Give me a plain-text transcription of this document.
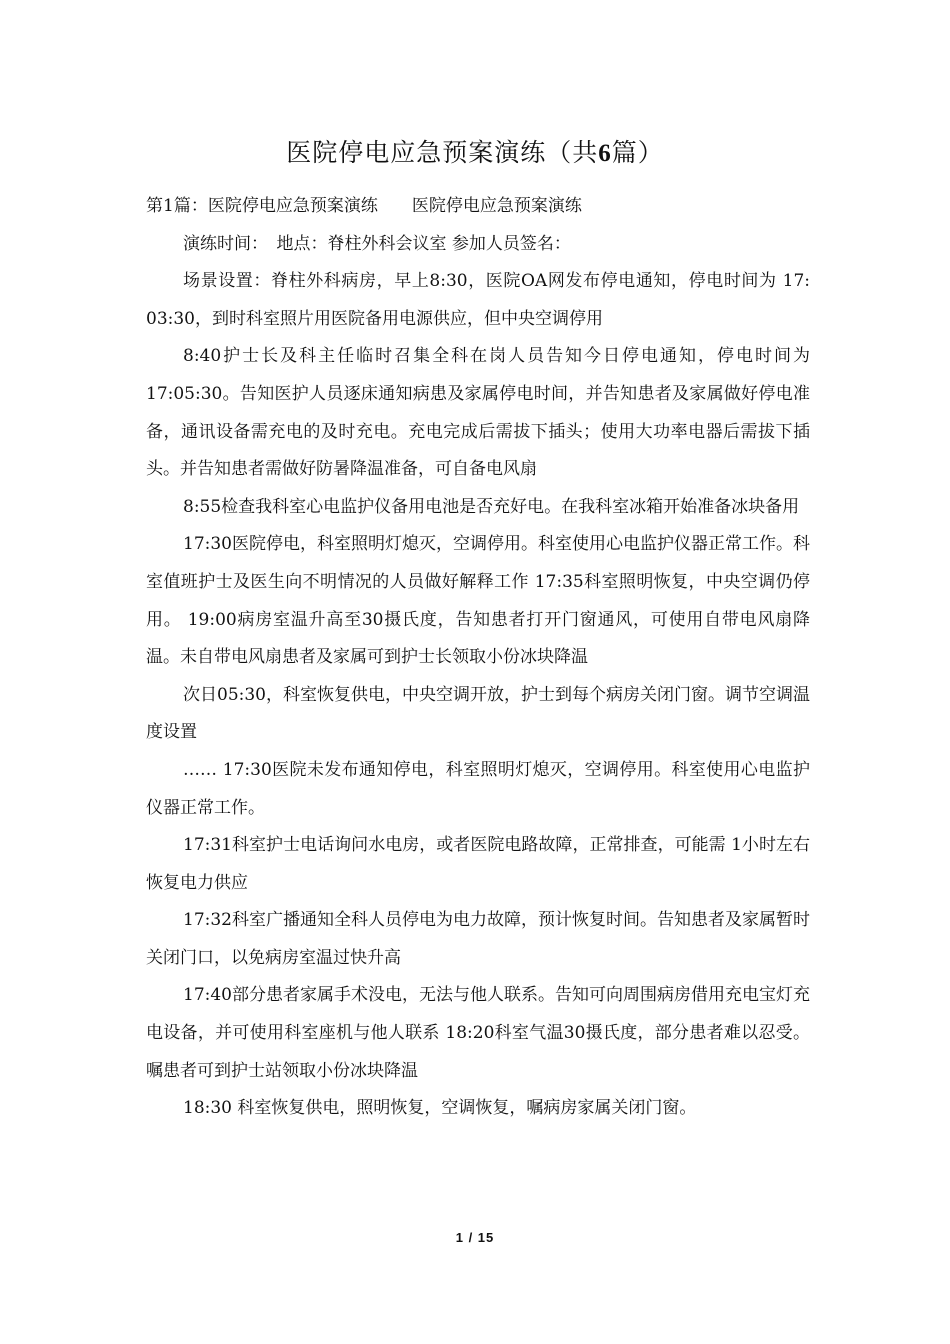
医院停电应急预案演练（共6篇）

第1篇：医院停电应急预案演练　　医院停电应急预案演练

演练时间：　地点：脊柱外科会议室 参加人员签名：

场景设置：脊柱外科病房，早上8:30，医院OA网发布停电通知，停电时间为 17: 03:30，到时科室照片用医院备用电源供应，但中央空调停用

8:40护士长及科主任临时召集全科在岗人员告知今日停电通知，停电时间为 17:05:30。告知医护人员逐床通知病患及家属停电时间，并告知患者及家属做好停电准备，通讯设备需充电的及时充电。充电完成后需拔下插头；使用大功率电器后需拔下插头。并告知患者需做好防暑降温准备，可自备电风扇

8:55检查我科室心电监护仪备用电池是否充好电。在我科室冰箱开始准备冰块备用

17:30医院停电，科室照明灯熄灭，空调停用。科室使用心电监护仪器正常工作。科室值班护士及医生向不明情况的人员做好解释工作 17:35科室照明恢复，中央空调仍停用。 19:00病房室温升高至30摄氏度，告知患者打开门窗通风，可使用自带电风扇降温。未自带电风扇患者及家属可到护士长领取小份冰块降温

次日05:30，科室恢复供电，中央空调开放，护士到每个病房关闭门窗。调节空调温度设置

…… 17:30医院未发布通知停电，科室照明灯熄灭，空调停用。科室使用心电监护仪器正常工作。

17:31科室护士电话询问水电房，或者医院电路故障，正常排查，可能需 1小时左右恢复电力供应

17:32科室广播通知全科人员停电为电力故障，预计恢复时间。告知患者及家属暂时关闭门口，以免病房室温过快升高

17:40部分患者家属手术没电，无法与他人联系。告知可向周围病房借用充电宝灯充电设备，并可使用科室座机与他人联系 18:20科室气温30摄氏度，部分患者难以忍受。嘱患者可到护士站领取小份冰块降温

18:30 科室恢复供电，照明恢复，空调恢复，嘱病房家属关闭门窗。

1 / 15
